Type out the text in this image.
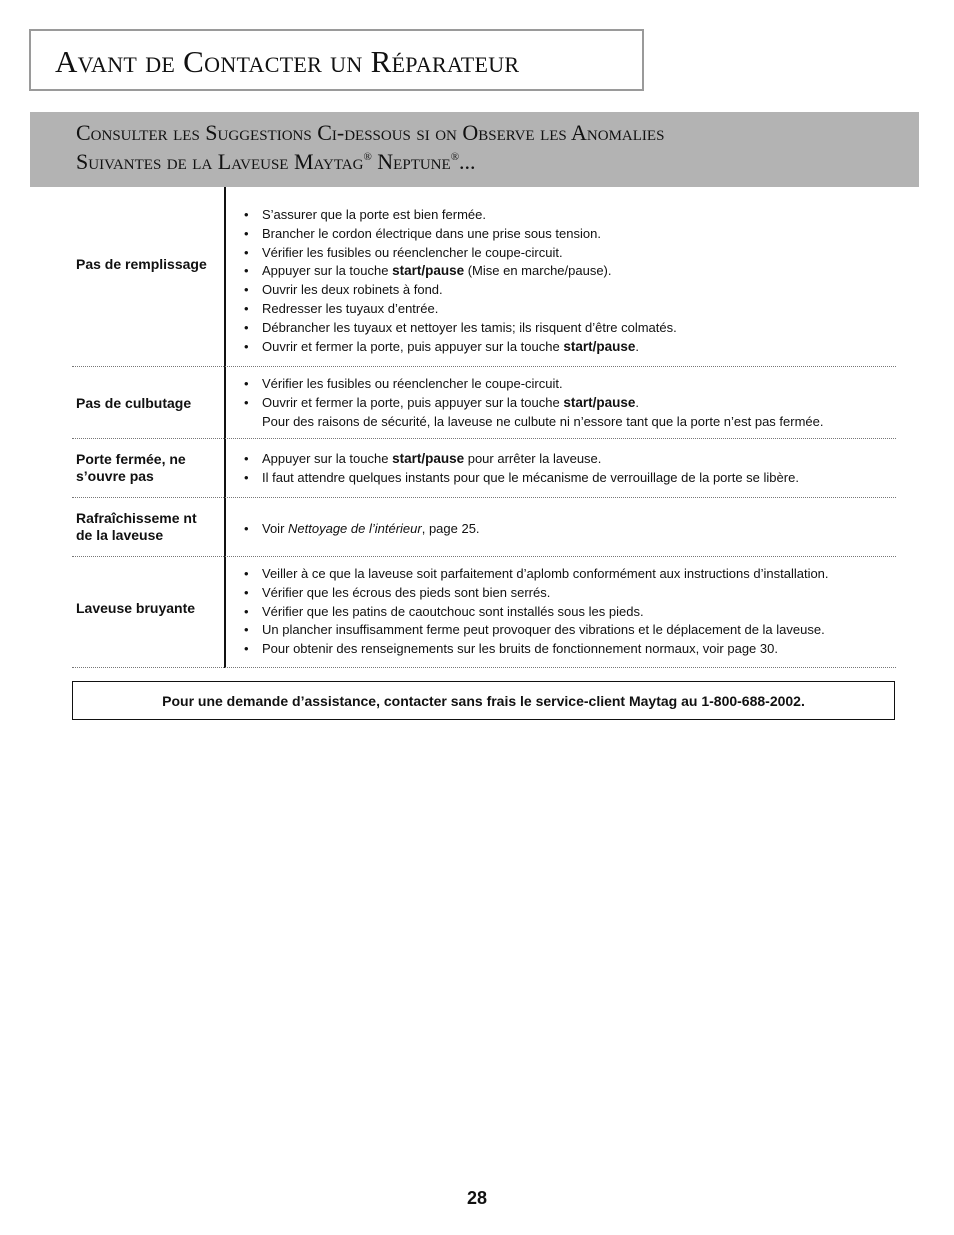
Avant de Contacter un Réparateur
Consulter les Suggestions Ci-dessous si on Observe les Anomalies
Suivantes de la Laveuse Maytag® Neptune®...
Pas de remplissage
• S’assurer que la porte est bien fermée.
• Brancher le cordon électrique dans une prise sous tension.
• Vérifier les fusibles ou réenclencher le coupe-circuit.
• Appuyer sur la touche start/pause (Mise en marche/pause).
• Ouvrir les deux robinets à fond.
• Redresser les tuyaux d’entrée.
• Débrancher les tuyaux et nettoyer les tamis; ils risquent d’être colmatés.
• Ouvrir et fermer la porte, puis appuyer sur la touche start/pause.
Pas de culbutage
• Vérifier les fusibles ou réenclencher le coupe-circuit.
• Ouvrir et fermer la porte, puis appuyer sur la touche start/pause.
Pour des raisons de sécurité, la laveuse ne culbute ni n’essore tant que la porte n’est pas fermée.
Porte fermée, ne s’ouvre pas
• Appuyer sur la touche start/pause pour arrêter la laveuse.
• Il faut attendre quelques instants pour que le mécanisme de verrouillage de la porte se libère.
Rafraîchisseme nt de la laveuse
•	Voir Nettoyage de l’intérieur, page 25.
Laveuse bruyante
• Veiller à ce que la laveuse soit parfaitement d’aplomb conformément aux instructions d’installation.
• Vérifier que les écrous des pieds sont bien serrés.
• Vérifier que les patins de caoutchouc sont installés sous les pieds.
• Un plancher insuffisamment ferme peut provoquer des vibrations et le déplacement de la laveuse.
• Pour obtenir des renseignements sur les bruits de fonctionnement normaux, voir page 30.
Pour une demande d’assistance, contacter sans frais le service-client Maytag au 1-800-688-2002.
28
